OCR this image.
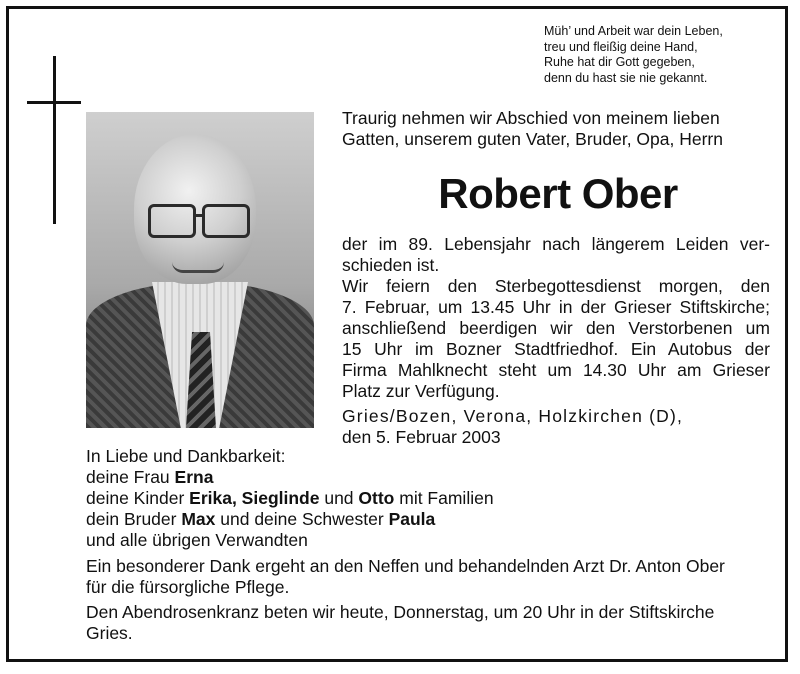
Müh’ und Arbeit war dein Leben,
treu und fleißig deine Hand,
Ruhe hat dir Gott gegeben,
denn du hast sie nie gekannt.
Traurig nehmen wir Abschied von meinem lieben
Gatten, unserem guten Vater, Bruder, Opa, Herrn
Robert Ober
der im 89. Lebensjahr nach längerem Leiden ver-
schieden ist.
Wir feiern den Sterbegottesdienst morgen, den
7. Februar, um 13.45 Uhr in der Grieser Stiftskirche;
anschließend beerdigen wir den Verstorbenen um
15 Uhr im Bozner Stadtfriedhof. Ein Autobus der
Firma Mahlknecht steht um 14.30 Uhr am Grieser
Platz zur Verfügung.
Gries/Bozen, Verona, Holzkirchen (D),
den 5. Februar 2003
In Liebe und Dankbarkeit:
deine Frau Erna
deine Kinder Erika, Sieglinde und Otto mit Familien
dein Bruder Max und deine Schwester Paula
und alle übrigen Verwandten
Ein besonderer Dank ergeht an den Neffen und behandelnden Arzt Dr. Anton Ober
für die fürsorgliche Pflege.
Den Abendrosenkranz beten wir heute, Donnerstag, um 20 Uhr in der Stiftskirche
Gries.
